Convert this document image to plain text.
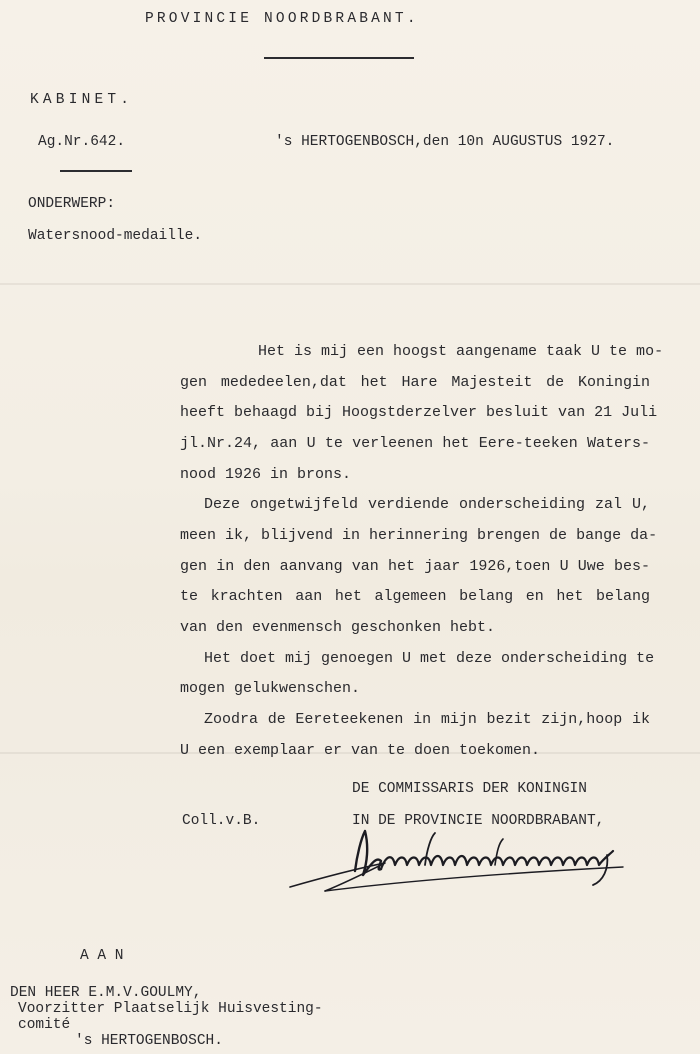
PROVINCIE NOORDBRABANT.
KABINET.
Ag.Nr.642.	's HERTOGENBOSCH,den 10n AUGUSTUS 1927.
ONDERWERP:
Watersnood-medaille.
Het is mij een hoogst aangename taak U te mo-
gen mededeelen,dat het Hare Majesteit de Koningin
heeft behaagd bij Hoogstderzelver besluit van 21 Juli
jl.Nr.24, aan U te verleenen het Eere-teeken Waters-
nood 1926 in brons.
Deze ongetwijfeld verdiende onderscheiding zal U,
meen ik, blijvend in herinnering brengen de bange da-
gen in den aanvang van het jaar 1926,toen U Uwe bes-
te krachten aan het algemeen belang en het belang
van den evenmensch geschonken hebt.
Het doet mij genoegen U met deze onderscheiding te
mogen gelukwenschen.
Zoodra de Eereteekenen in mijn bezit zijn,hoop ik
U een exemplaar er van te doen toekomen.
DE COMMISSARIS DER KONINGIN
Coll.v.B.	IN DE PROVINCIE NOORDBRABANT,
A A N
DEN HEER E.M.V.GOULMY,
Voorzitter Plaatselijk Huisvesting-
comité
's HERTOGENBOSCH.
